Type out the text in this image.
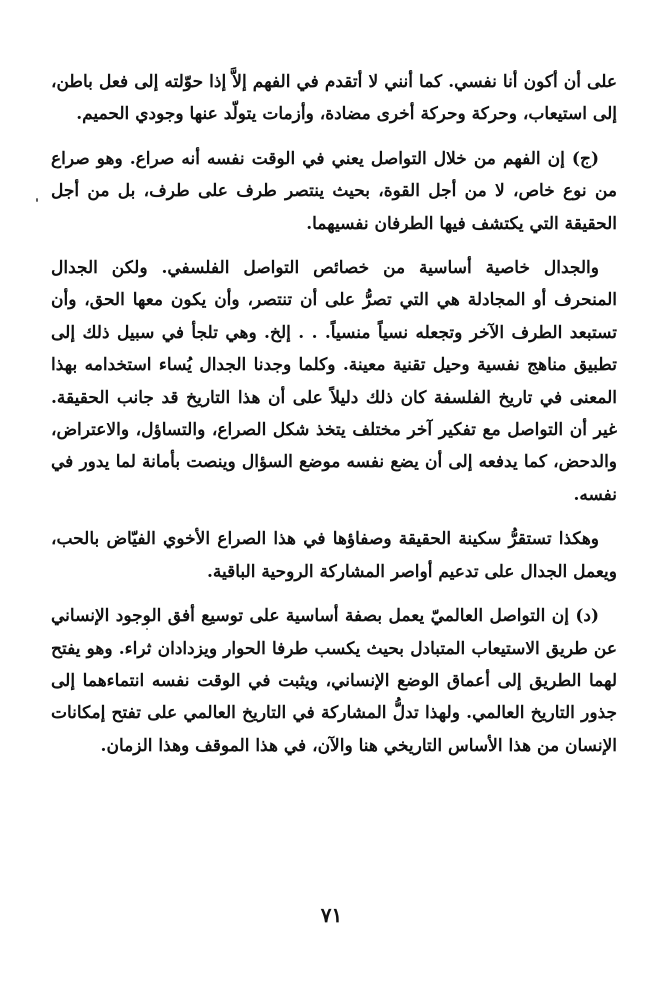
على أن أكون أنا نفسي. كما أنني لا أتقدم في الفهم إلاَّ إذا حوّلته إلى فعل باطن، إلى استيعاب، وحركة وحركة أخرى مضادة، وأزمات يتولّد عنها وجودي الحميم.

(ج) إن الفهم من خلال التواصل يعني في الوقت نفسه أنه صراع. وهو صراع من نوع خاص، لا من أجل القوة، بحيث ينتصر طرف على طرف، بل من أجل الحقيقة التي يكتشف فيها الطرفان نفسيهما.

والجدال خاصية أساسية من خصائص التواصل الفلسفي. ولكن الجدال المنحرف أو المجادلة هي التي تصرُّ على أن تنتصر، وأن يكون معها الحق، وأن تستبعد الطرف الآخر وتجعله نسياً منسياً. . . إلخ. وهي تلجأ في سبيل ذلك إلى تطبيق مناهج نفسية وحيل تقنية معينة. وكلما وجدنا الجدال يُساء استخدامه بهذا المعنى في تاريخ الفلسفة كان ذلك دليلاً على أن هذا التاريخ قد جانب الحقيقة. غير أن التواصل مع تفكير آخر مختلف يتخذ شكل الصراع، والتساؤل، والاعتراض، والدحض، كما يدفعه إلى أن يضع نفسه موضع السؤال وينصت بأمانة لما يدور في نفسه.

وهكذا تستقرُّ سكينة الحقيقة وصفاؤها في هذا الصراع الأخوي الفيّاض بالحب، ويعمل الجدال على تدعيم أواصر المشاركة الروحية الباقية.

(د) إن التواصل العالميّ يعمل بصفة أساسية على توسيع أفق الوجود الإنساني عن طريق الاستيعاب المتبادل بحيث يكسب طرفا الحوار ويزدادان ثراء. وهو يفتح لهما الطريق إلى أعماق الوضع الإنساني، ويثبت في الوقت نفسه انتماءهما إلى جذور التاريخ العالمي. ولهذا تدلُّ المشاركة في التاريخ العالمي على تفتح إمكانات الإنسان من هذا الأساس التاريخي هنا والآن، في هذا الموقف وهذا الزمان.

٧١
